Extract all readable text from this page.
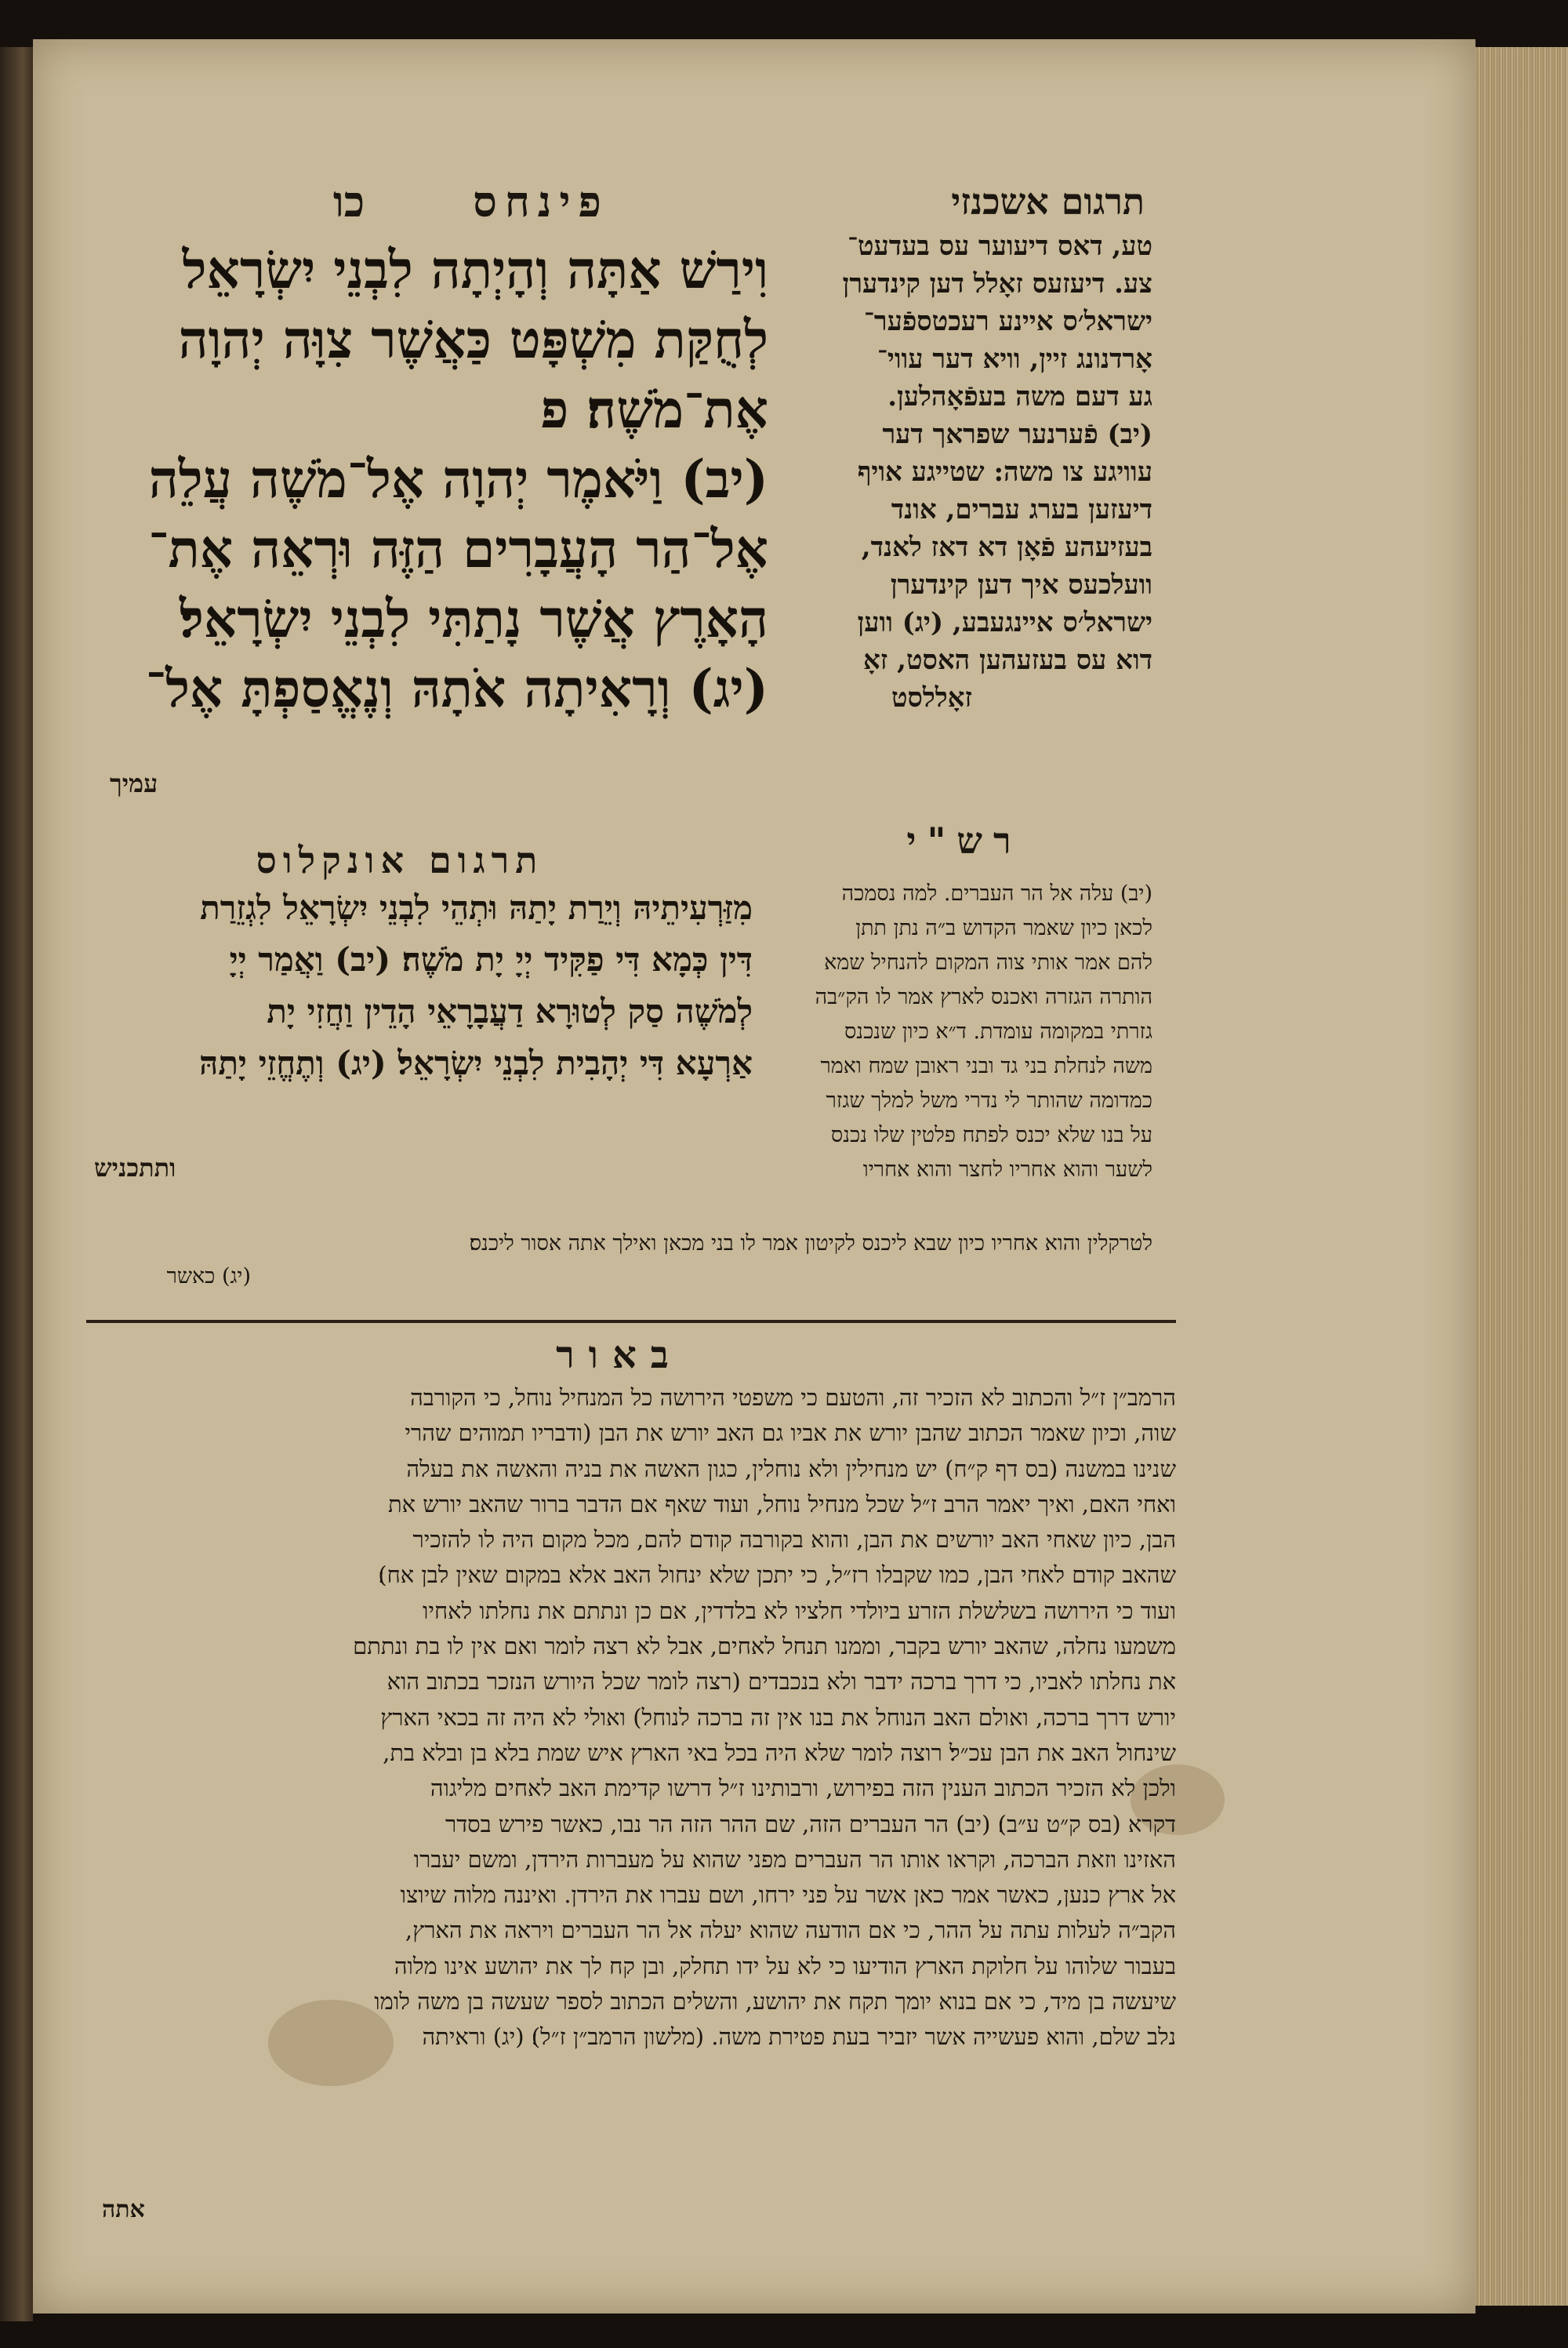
כו	פינחס	תרגום אשכנזי

וִירַשׁ אַתָּה וְהָיְתָה לִבְנֵי יִשְׂרָאֵל

לְחֻקַּת מִשְׁפָּט כַּאֲשֶׁר צִוָּה יְהוָה

אֶת־מֹשֶׁה׃ פ

(יב) וַיֹּאמֶר יְהוָה אֶל־מֹשֶׁה עֲלֵה

אֶל־הַר הָעֲבָרִים הַזֶּה וּרְאֵה אֶת־

הָאָרֶץ אֲשֶׁר נָתַתִּי לִבְנֵי יִשְׂרָאֵל׃

(יג) וְרָאִיתָה אֹתָהּ וְנֶאֱסַפְתָּ אֶל־

עמיך

טע, דאס דיעוער עס בעדעט־

צע. דיעזעס זאָלל דען קינדערן

ישראל׳ס איינע רעכטספֿער־

אָרדנונג זיין, וויא דער עווי־

גע דעם משה בעפֿאָהלען.

(יב) פֿערנער שפראך דער

עוויגע צו משה: שטייגע אויף

דיעזען בערג עברים, אונד

בעזיעהע פֿאָן דא דאז לאנד,

וועלכעס איך דען קינדערן

ישראל׳ס איינגעבע, (יג) ווען

דוא עס בעזעהען האסט, זאָ

זאָללסט

רש"י

(יב) עלה אל הר העברים. למה נסמכה

לכאן כיון שאמר הקדוש ב״ה נתן תתן

להם אמר אותי צוה המקום להנחיל שמא

הותרה הגזרה ואכנס לארץ אמר לו הק״בה

גזרתי במקומה עומדת. ד״א כיון שנכנס

משה לנחלת בני גד ובני ראובן שמח ואמר

כמדומה שהותר לי נדרי משל למלך שגזר

על בנו שלא יכנס לפתח פלטין שלו נכנס

לשער והוא אחריו לחצר והוא אחריו

לטרקלין והוא אחריו כיון שבא ליכנס לקיטון אמר לו בני מכאן ואילך אתה אסור ליכנס׃

(יג) כאשר

תרגום אונקלוס

מִזַּרְעִיתֵיהּ וְיֵרַת יָתַהּ וּתְהֵי לִבְנֵי יִשְׂרָאֵל לִגְזֵרַת

דִּין כְּמָא דִּי פַקִּיד יְיָ יָת מֹשֶׁה׃ (יב) וַאֲמַר יְיָ

לְמֹשֶׁה סַק לְטוּרָא דַעֲבָרָאֵי הָדֵין וַחֲזִי יָת

אַרְעָא דִּי יְהָבִית לִבְנֵי יִשְׂרָאֵל׃ (יג) וְתֶחֱזֵי יָתַהּ

ותתכניש
באור

הרמב״ן ז״ל והכתוב לא הזכיר זה, והטעם כי משפטי הירושה כל המנחיל נוחל, כי הקורבה

שוה, וכיון שאמר הכתוב שהבן יורש את אביו גם האב יורש את הבן (ודבריו תמוהים שהרי

שנינו במשנה (בס דף ק״ח) יש מנחילין ולא נוחלין, כגון האשה את בניה והאשה את בעלה

ואחי האם, ואיך יאמר הרב ז״ל שכל מנחיל נוחל, ועוד שאף אם הדבר ברור שהאב יורש את

הבן, כיון שאחי האב יורשים את הבן, והוא בקורבה קודם להם, מכל מקום היה לו להזכיר

שהאב קודם לאחי הבן, כמו שקבלו רז״ל, כי יתכן שלא ינחול האב אלא במקום שאין לבן אח)׃

ועוד כי הירושה בשלשלת הזרע ביולדי חלציו לא בלדדין, אם כן ונתתם את נחלתו לאחיו

משמעו נחלה, שהאב יורש בקבר, וממנו תנחל לאחים, אבל לא רצה לומר ואם אין לו בת ונתתם

את נחלתו לאביו, כי דרך ברכה ידבר ולא בנכבדים (רצה לומר שכל היורש הנזכר בכתוב הוא

יורש דרך ברכה, ואולם האב הנוחל את בנו אין זה ברכה לנוחל) ואולי לא היה זה בכאי הארץ

שינחול האב את הבן עכ״ל׃ רוצה לומר שלא היה בכל באי הארץ איש שמת בלא בן ובלא בת,

ולכן לא הזכיר הכתוב הענין הזה בפירוש, ורבותינו ז״ל דרשו קדימת האב לאחים מליגוה

דקרא (בס ק״ט ע״ב)׃ (יב) הר העברים הזה, שם ההר הזה הר נבו, כאשר פירש בסדר

האזינו וזאת הברכה, וקראו אותו הר העברים מפני שהוא על מעברות הירדן, ומשם יעברו

אל ארץ כנען, כאשר אמר כאן אשר על פני ירחו, ושם עברו את הירדן. ואיננה מלוה שיוצו

הקב״ה לעלות עתה על ההר, כי אם הודעה שהוא יעלה אל הר העברים ויראה את הארץ,

בעבור שלוהו על חלוקת הארץ הודיעו כי לא על ידו תחלק, ובן קח לך את יהושע אינו מלוה

שיעשה בן מיד, כי אם בנוא יומך תקח את יהושע, והשלים הכתוב לספר שעשה בן משה לומו

נלב שלם, והוא פעשייה אשר יזביר בעת פטירת משה. (מלשון הרמב״ן ז״ל)׃ (יג) וראיתה

אתה
